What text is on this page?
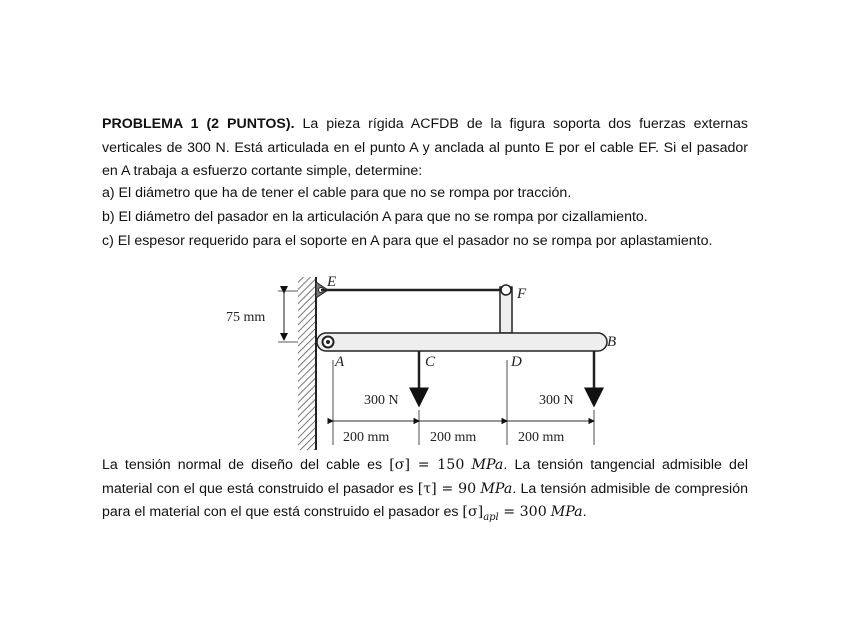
PROBLEMA 1 (2 PUNTOS). La pieza rígida ACFDB de la figura soporta dos fuerzas externas verticales de 300 N. Está articulada en el punto A y anclada al punto E por el cable EF. Si el pasador en A trabaja a esfuerzo cortante simple, determine:
a) El diámetro que ha de tener el cable para que no se rompa por tracción.
b) El diámetro del pasador en la articulación A para que no se rompa por cizallamiento.
c) El espesor requerido para el soporte en A para que el pasador no se rompa por aplastamiento.
E
F
A	C	D
B
75 mm
300 N	300 N
200 mm	200 mm	200 mm
La tensión normal de diseño del cable es [σ] = 150 MPa. La tensión tangencial admisible del material con el que está construido el pasador es [τ] = 90 MPa. La tensión admisible de compresión para el material con el que está construido el pasador es $[\sigma]_{apl} = 300$ MPa.
